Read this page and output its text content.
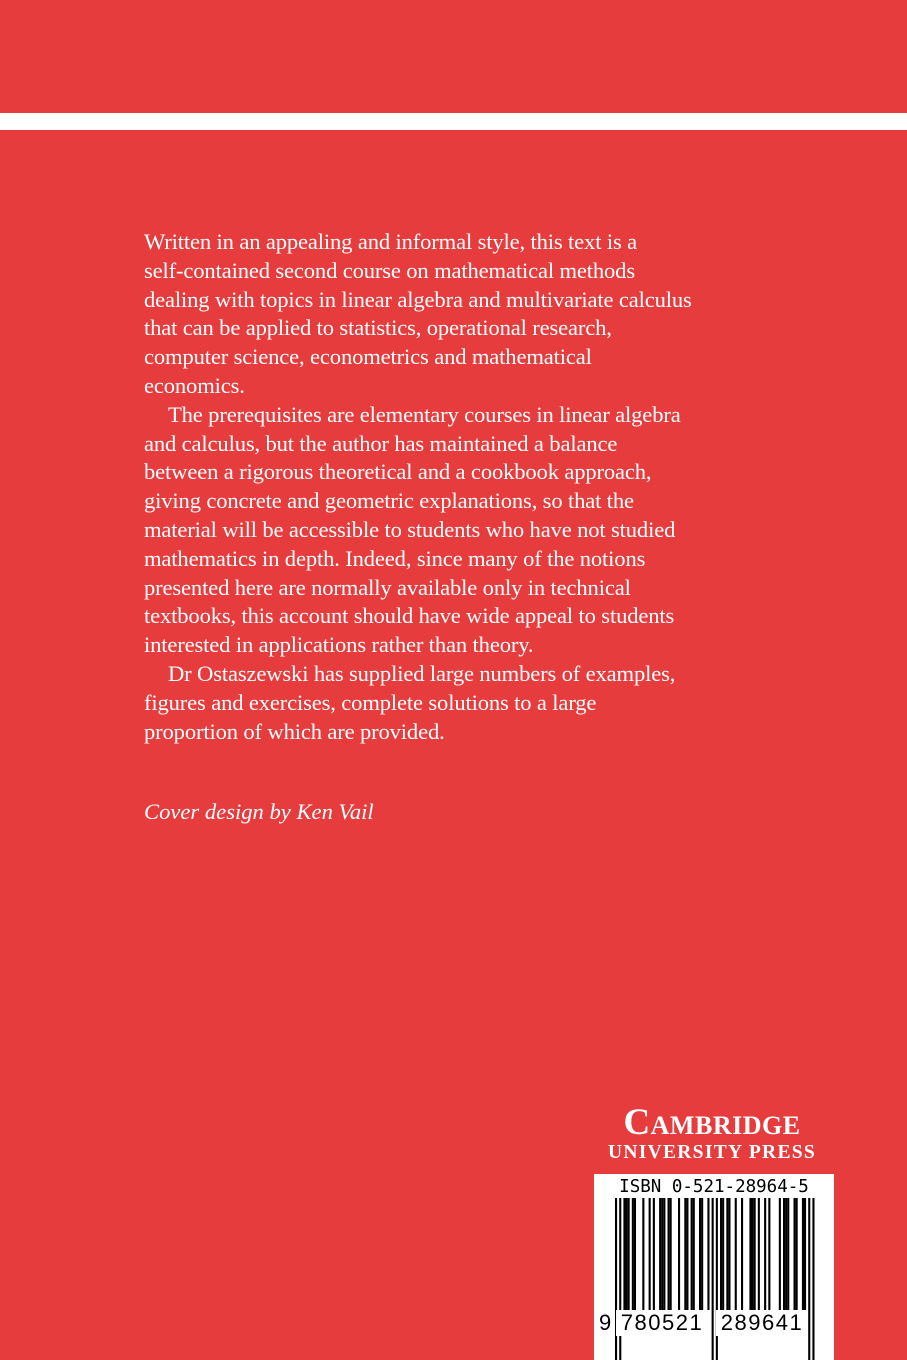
Written in an appealing and informal style, this text is a
self-contained second course on mathematical methods
dealing with topics in linear algebra and multivariate calculus
that can be applied to statistics, operational research,
computer science, econometrics and mathematical
economics.

The prerequisites are elementary courses in linear algebra
and calculus, but the author has maintained a balance
between a rigorous theoretical and a cookbook approach,
giving concrete and geometric explanations, so that the
material will be accessible to students who have not studied
mathematics in depth. Indeed, since many of the notions
presented here are normally available only in technical
textbooks, this account should have wide appeal to students
interested in applications rather than theory.

Dr Ostaszewski has supplied large numbers of examples,
figures and exercises, complete solutions to a large
proportion of which are provided.

Cover design by Ken Vail
Cambridge
UNIVERSITY PRESS
ISBN 0-521-28964-5
9 780521 289641
